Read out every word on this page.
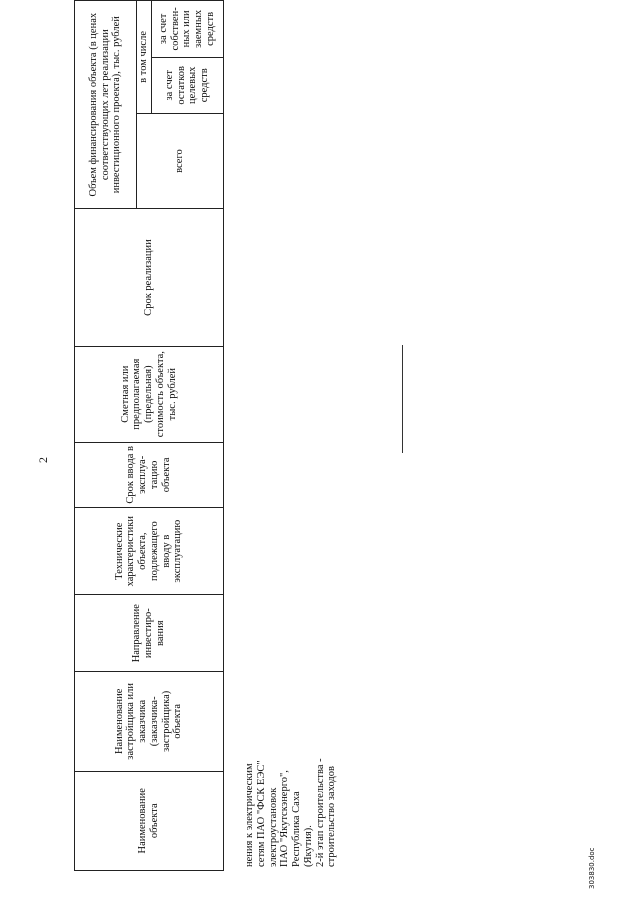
2
Наименование объекта	Наименование застройщика или заказчика (заказчика-застройщика) объекта	Направление инвестиро-вания	Технические характеристики объекта, подлежащего вводу в эксплуатацию	Срок ввода в эксплуа-тацию объекта	Сметная или предполагаемая (предельная) стоимость объекта, тыс. рублей	Срок реализации	Объем финансирования объекта (в ценах соответствующих лет реализации инвестиционного проекта), тыс. рублей		
							всего	в том числе	
								за счет остатков целевых средств	за счет собствен-ных или заемных средств
нения к электрическим сетям ПАО "ФСК ЕЭС" электроустановок ПАО "Якутскэнерго", Республика Саха (Якутия). 2-й этап строительства - строительство заходов
303830.doc
